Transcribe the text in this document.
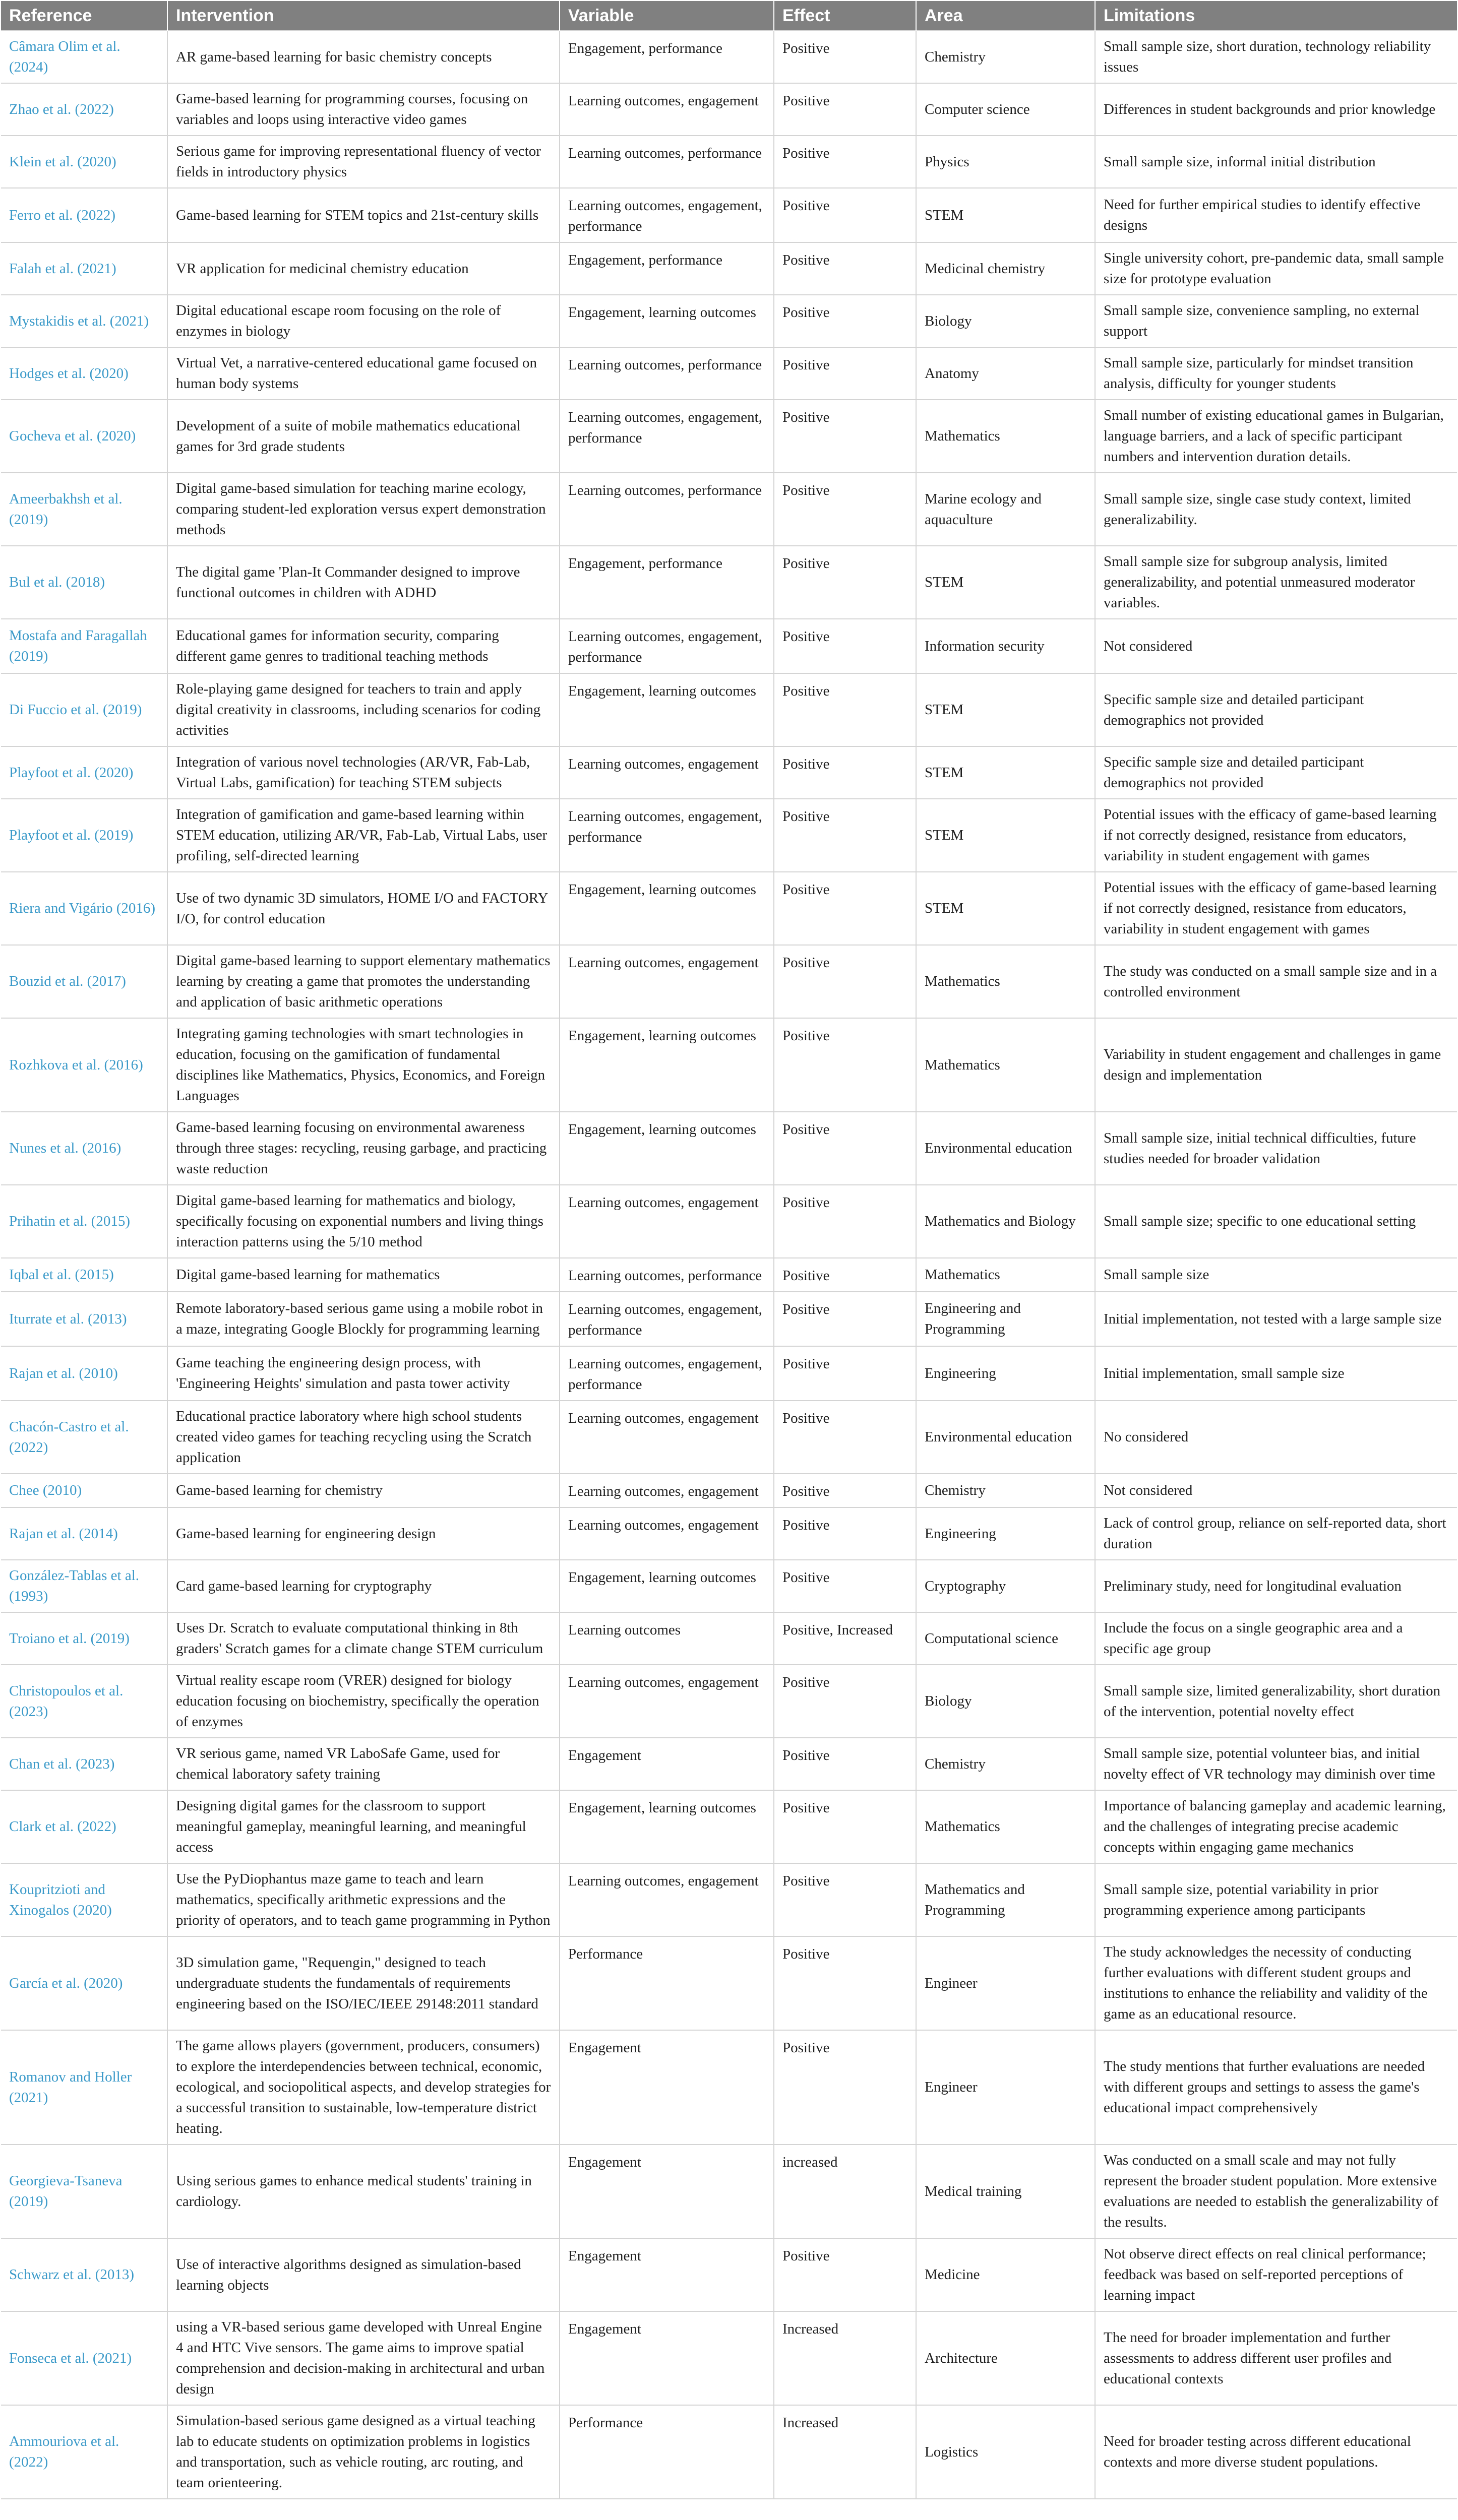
Reference	Intervention	Variable	Effect	Area	Limitations
Câmara Olim et al. (2024)	AR game-based learning for basic chemistry concepts	Engagement, performance	Positive	Chemistry	Small sample size, short duration, technology reliability issues
Zhao et al. (2022)	Game-based learning for programming courses, focusing on variables and loops using interactive video games	Learning outcomes, engagement	Positive	Computer science	Differences in student backgrounds and prior knowledge
Klein et al. (2020)	Serious game for improving representational fluency of vector fields in introductory physics	Learning outcomes, performance	Positive	Physics	Small sample size, informal initial distribution
Ferro et al. (2022)	Game-based learning for STEM topics and 21st-century skills	Learning outcomes, engagement, performance	Positive	STEM	Need for further empirical studies to identify effective designs
Falah et al. (2021)	VR application for medicinal chemistry education	Engagement, performance	Positive	Medicinal chemistry	Single university cohort, pre-pandemic data, small sample size for prototype evaluation
Mystakidis et al. (2021)	Digital educational escape room focusing on the role of enzymes in biology	Engagement, learning outcomes	Positive	Biology	Small sample size, convenience sampling, no external support
Hodges et al. (2020)	Virtual Vet, a narrative-centered educational game focused on human body systems	Learning outcomes, performance	Positive	Anatomy	Small sample size, particularly for mindset transition analysis, difficulty for younger students
Gocheva et al. (2020)	Development of a suite of mobile mathematics educational games for 3rd grade students	Learning outcomes, engagement, performance	Positive	Mathematics	Small number of existing educational games in Bulgarian, language barriers, and a lack of specific participant numbers and intervention duration details.
Ameerbakhsh et al. (2019)	Digital game-based simulation for teaching marine ecology, comparing student-led exploration versus expert demonstration methods	Learning outcomes, performance	Positive	Marine ecology and aquaculture	Small sample size, single case study context, limited generalizability.
Bul et al. (2018)	The digital game 'Plan-It Commander designed to improve functional outcomes in children with ADHD	Engagement, performance	Positive	STEM	Small sample size for subgroup analysis, limited generalizability, and potential unmeasured moderator variables.
Mostafa and Faragallah (2019)	Educational games for information security, comparing different game genres to traditional teaching methods	Learning outcomes, engagement, performance	Positive	Information security	Not considered
Di Fuccio et al. (2019)	Role-playing game designed for teachers to train and apply digital creativity in classrooms, including scenarios for coding activities	Engagement, learning outcomes	Positive	STEM	Specific sample size and detailed participant demographics not provided
Playfoot et al. (2020)	Integration of various novel technologies (AR/VR, Fab-Lab, Virtual Labs, gamification) for teaching STEM subjects	Learning outcomes, engagement	Positive	STEM	Specific sample size and detailed participant demographics not provided
Playfoot et al. (2019)	Integration of gamification and game-based learning within STEM education, utilizing AR/VR, Fab-Lab, Virtual Labs, user profiling, self-directed learning	Learning outcomes, engagement, performance	Positive	STEM	Potential issues with the efficacy of game-based learning if not correctly designed, resistance from educators, variability in student engagement with games
Riera and Vigário (2016)	Use of two dynamic 3D simulators, HOME I/O and FACTORY I/O, for control education	Engagement, learning outcomes	Positive	STEM	Potential issues with the efficacy of game-based learning if not correctly designed, resistance from educators, variability in student engagement with games
Bouzid et al. (2017)	Digital game-based learning to support elementary mathematics learning by creating a game that promotes the understanding and application of basic arithmetic operations	Learning outcomes, engagement	Positive	Mathematics	The study was conducted on a small sample size and in a controlled environment
Rozhkova et al. (2016)	Integrating gaming technologies with smart technologies in education, focusing on the gamification of fundamental disciplines like Mathematics, Physics, Economics, and Foreign Languages	Engagement, learning outcomes	Positive	Mathematics	Variability in student engagement and challenges in game design and implementation
Nunes et al. (2016)	Game-based learning focusing on environmental awareness through three stages: recycling, reusing garbage, and practicing waste reduction	Engagement, learning outcomes	Positive	Environmental education	Small sample size, initial technical difficulties, future studies needed for broader validation
Prihatin et al. (2015)	Digital game-based learning for mathematics and biology, specifically focusing on exponential numbers and living things interaction patterns using the 5/10 method	Learning outcomes, engagement	Positive	Mathematics and Biology	Small sample size; specific to one educational setting
Iqbal et al. (2015)	Digital game-based learning for mathematics	Learning outcomes, performance	Positive	Mathematics	Small sample size
Iturrate et al. (2013)	Remote laboratory-based serious game using a mobile robot in a maze, integrating Google Blockly for programming learning	Learning outcomes, engagement, performance	Positive	Engineering and Programming	Initial implementation, not tested with a large sample size
Rajan et al. (2010)	Game teaching the engineering design process, with 'Engineering Heights' simulation and pasta tower activity	Learning outcomes, engagement, performance	Positive	Engineering	Initial implementation, small sample size
Chacón-Castro et al. (2022)	Educational practice laboratory where high school students created video games for teaching recycling using the Scratch application	Learning outcomes, engagement	Positive	Environmental education	No considered
Chee (2010)	Game-based learning for chemistry	Learning outcomes, engagement	Positive	Chemistry	Not considered
Rajan et al. (2014)	Game-based learning for engineering design	Learning outcomes, engagement	Positive	Engineering	Lack of control group, reliance on self-reported data, short duration
González-Tablas et al. (1993)	Card game-based learning for cryptography	Engagement, learning outcomes	Positive	Cryptography	Preliminary study, need for longitudinal evaluation
Troiano et al. (2019)	Uses Dr. Scratch to evaluate computational thinking in 8th graders' Scratch games for a climate change STEM curriculum	Learning outcomes	Positive, Increased	Computational science	Include the focus on a single geographic area and a specific age group
Christopoulos et al. (2023)	Virtual reality escape room (VRER) designed for biology education focusing on biochemistry, specifically the operation of enzymes	Learning outcomes, engagement	Positive	Biology	Small sample size, limited generalizability, short duration of the intervention, potential novelty effect
Chan et al. (2023)	VR serious game, named VR LaboSafe Game, used for chemical laboratory safety training	Engagement	Positive	Chemistry	Small sample size, potential volunteer bias, and initial novelty effect of VR technology may diminish over time
Clark et al. (2022)	Designing digital games for the classroom to support meaningful gameplay, meaningful learning, and meaningful access	Engagement, learning outcomes	Positive	Mathematics	Importance of balancing gameplay and academic learning, and the challenges of integrating precise academic concepts within engaging game mechanics
Koupritzioti and Xinogalos (2020)	Use the PyDiophantus maze game to teach and learn mathematics, specifically arithmetic expressions and the priority of operators, and to teach game programming in Python	Learning outcomes, engagement	Positive	Mathematics and Programming	Small sample size, potential variability in prior programming experience among participants
García et al. (2020)	3D simulation game, "Requengin," designed to teach undergraduate students the fundamentals of requirements engineering based on the ISO/IEC/IEEE 29148:2011 standard	Performance	Positive	Engineer	The study acknowledges the necessity of conducting further evaluations with different student groups and institutions to enhance the reliability and validity of the game as an educational resource.
Romanov and Holler (2021)	The game allows players (government, producers, consumers) to explore the interdependencies between technical, economic, ecological, and sociopolitical aspects, and develop strategies for a successful transition to sustainable, low-temperature district heating.	Engagement	Positive	Engineer	The study mentions that further evaluations are needed with different groups and settings to assess the game's educational impact comprehensively
Georgieva-Tsaneva (2019)	Using serious games to enhance medical students' training in cardiology.	Engagement	increased	Medical training	Was conducted on a small scale and may not fully represent the broader student population. More extensive evaluations are needed to establish the generalizability of the results.
Schwarz et al. (2013)	Use of interactive algorithms designed as simulation-based learning objects	Engagement	Positive	Medicine	Not observe direct effects on real clinical performance; feedback was based on self-reported perceptions of learning impact
Fonseca et al. (2021)	using a VR-based serious game developed with Unreal Engine 4 and HTC Vive sensors. The game aims to improve spatial comprehension and decision-making in architectural and urban design	Engagement	Increased	Architecture	The need for broader implementation and further assessments to address different user profiles and educational contexts
Ammouriova et al. (2022)	Simulation-based serious game designed as a virtual teaching lab to educate students on optimization problems in logistics and transportation, such as vehicle routing, arc routing, and team orienteering.	Performance	Increased	Logistics	Need for broader testing across different educational contexts and more diverse student populations.
